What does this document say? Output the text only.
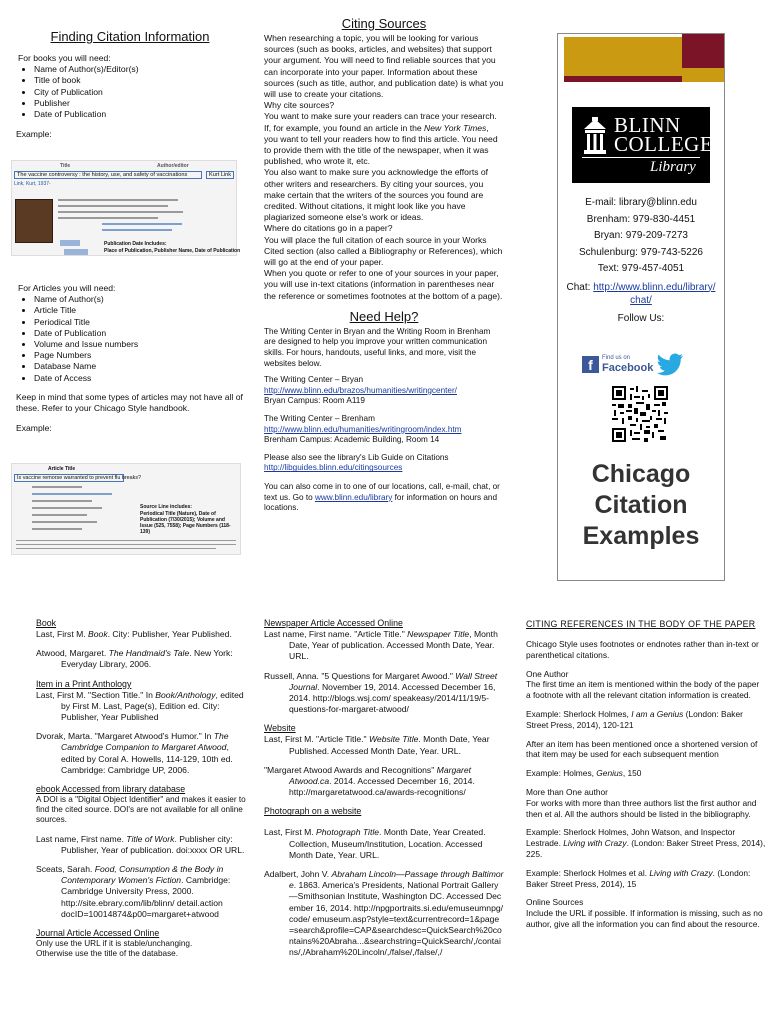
Finding Citation Information
For books you will need:
• Name of Author(s)/Editor(s)
• Title of book
• City of Publication
• Publisher
• Date of Publication
Example:
Title	Author/editor
The vaccine controversy : the history, use, and safety of vaccinations	Kurt Link
Link, Kurt, 1937-
Publication Date Includes:
Place of Publication, Publisher Name, Date of Publication
For Articles you will need:
• Name of Author(s)
• Article Title
• Periodical Title
• Date of Publication
• Volume and Issue numbers
• Page Numbers
• Database Name
• Date of Access
Keep in mind that some types of articles may not have all of these. Refer to your Chicago Style handbook.
Example:
Article Title
Is vaccine remorse warranted to prevent flu breaks?
Source Line includes:
Periodical Title (Nature), Date of Publication (7/30/2015); Volume and Issue (525, 7558); Page Numbers (118-139)
Citing Sources
When researching a topic, you will be looking for various sources (such as books, articles, and websites) that support your argument. You will need to find reliable sources that you can incorporate into your paper. Information about these sources (such as title, author, and publication date) is what you will use to create your citations.
Why cite sources?
You want to make sure your readers can trace your research. If, for example, you found an article in the New York Times, you want to tell your readers how to find this article. You need to provide them with the title of the newspaper, when it was published, who wrote it, etc.
You also want to make sure you acknowledge the efforts of other writers and researchers. By citing your sources, you make certain that the writers of the sources you found are credited. Without citations, it might look like you have plagiarized someone else's work or ideas.
Where do citations go in a paper?
You will place the full citation of each source in your Works Cited section (also called a Bibliography or References), which will go at the end of your paper.
When you quote or refer to one of your sources in your paper, you will use in-text citations (information in parentheses near the reference or sometimes footnotes at the bottom of a page).
Need Help?
The Writing Center in Bryan and the Writing Room in Brenham are designed to help you improve your written communication skills. For hours, handouts, useful links, and more, visit the websites below.
The Writing Center – Bryan
http://www.blinn.edu/brazos/humanities/writingcenter/
Bryan Campus: Room A119
The Writing Center – Brenham
http://www.blinn.edu/humanities/writingroom/index.htm
Brenham Campus: Academic Building, Room 14
Please also see the library's Lib Guide on Citations
http://libguides.blinn.edu/citingsources
You can also come in to one of our locations, call, e-mail, chat, or text us. Go to www.blinn.edu/library for information on hours and locations.
BLINN
COLLEGE
Library
E-mail: library@blinn.edu
Brenham: 979-830-4451
Bryan: 979-209-7273
Schulenburg: 979-743-5226
Text: 979-457-4051
Chat: http://www.blinn.edu/library/
chat/
Follow Us:
f	Find us on
Facebook
Chicago
Citation
Examples
Book
Last, First M. Book. City: Publisher, Year Published.
Atwood, Margaret. The Handmaid's Tale. New York: Everyday Library, 2006.
Item in a Print Anthology
Last, First M. "Section Title." In Book/Anthology, edited by First M. Last, Page(s), Edition ed. City: Publisher, Year Published
Dvorak, Marta. "Margaret Atwood's Humor." In The Cambridge Companion to Margaret Atwood, edited by Coral A. Howells, 114-129, 10th ed. Cambridge: Cambridge UP, 2006.
ebook Accessed from library database
A DOI is a "Digital Object Identifier" and makes it easier to find the cited source. DOI's are not available for all online sources.
Last name, First name. Title of Work. Publisher city: Publisher, Year of publication. doi:xxxx OR URL.
Sceats, Sarah. Food, Consumption & the Body in Contemporary Women's Fiction. Cambridge: Cambridge University Press, 2000. http://site.ebrary.com/lib/blinn/ detail.action docID=10014874&p00=margaret+atwood
Journal Article Accessed Online
Only use the URL if it is stable/unchanging.
Otherwise use the title of the database.
Newspaper Article Accessed Online
Last name, First name. "Article Title." Newspaper Title, Month Date, Year of publication. Accessed Month Date, Year. URL.
Russell, Anna. "5 Questions for Margaret Awood." Wall Street Journal. November 19, 2014. Accessed December 16, 2014. http://blogs.wsj.com/ speakeasy/2014/11/19/5-questions-for-margaret-atwood/
Website
Last, First M. "Article Title." Website Title. Month Date, Year Published. Accessed Month Date, Year. URL.
"Margaret Atwood Awards and Recognitions" Margaret Atwood.ca. 2014. Accessed December 16, 2014. http://margaretatwood.ca/awards-recognitions/
Photograph on a website
Last, First M. Photograph Title. Month Date, Year Created. Collection, Museum/Institution, Location. Accessed Month Date, Year. URL.
Adalbert, John V. Abraham Lincoln—Passage through Baltimore. 1863. America's Presidents, National Portrait Gallery—Smithsonian Institute, Washington DC. Accessed December 16, 2014. http://npgportraits.si.edu/emuseumnpg/code/ emuseum.asp?style=text&currentrecord=1&page=search&profile=CAP&searchdesc=QuickSearch%20contains%20Abraha...&searchstring=QuickSearch/,/contains/,/Abraham%20Lincoln/,/false/,/false/,/
CITING REFERENCES IN THE BODY OF THE PAPER
Chicago Style uses footnotes or endnotes rather than in-text or parenthetical citations.
One Author
The first time an item is mentioned within the body of the paper a footnote with all the relevant citation information is created.
Example: Sherlock Holmes, I am a Genius (London: Baker Street Press, 2014), 120-121
After an item has been mentioned once a shortened version of that item may be used for each subsequent mention
Example: Holmes, Genius, 150
More than One author
For works with more than three authors list the first author and then et al. All the authors should be listed in the bibliography.
Example: Sherlock Holmes, John Watson, and Inspector Lestrade. Living with Crazy. (London: Baker Street Press, 2014), 225.
Example: Sherlock Holmes et al. Living with Crazy. (London: Baker Street Press, 2014), 15
Online Sources
Include the URL if possible. If information is missing, such as no author, give all the information you can find about the resource.
